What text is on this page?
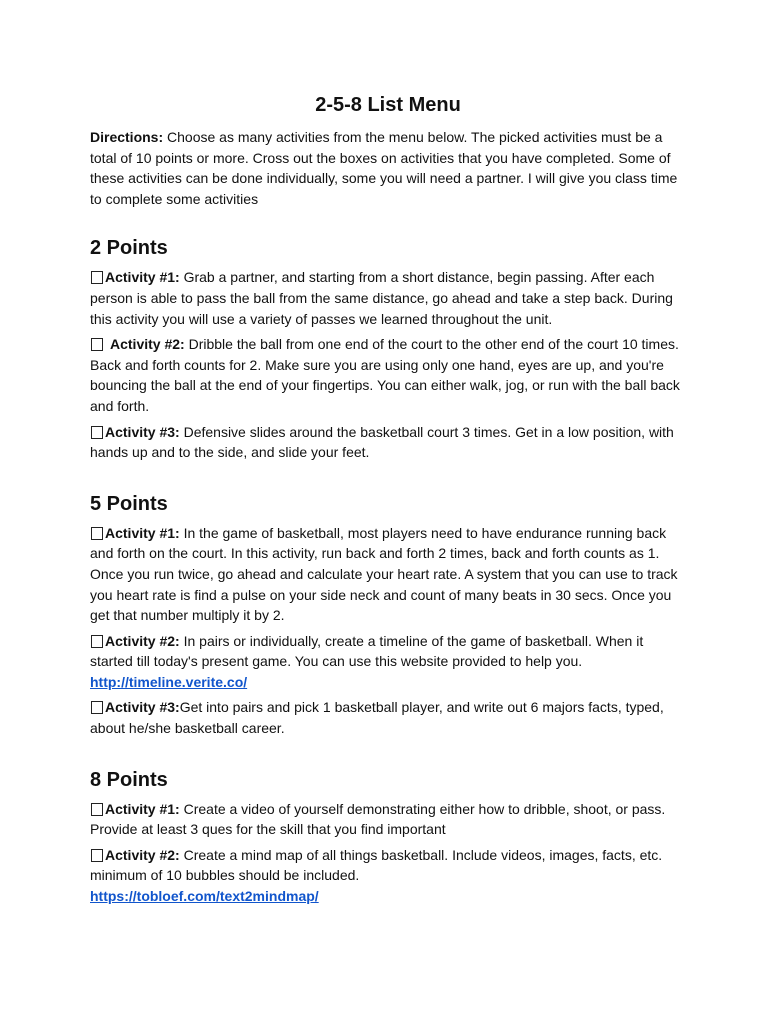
2-5-8 List Menu

Directions: Choose as many activities from the menu below. The picked activities must be a total of 10 points or more. Cross out the boxes on activities that you have completed. Some of these activities can be done individually, some you will need a partner. I will give you class time to complete some activities

2 Points

Activity #1: Grab a partner, and starting from a short distance, begin passing. After each person is able to pass the ball from the same distance, go ahead and take a step back. During this activity you will use a variety of passes we learned throughout the unit.

Activity #2: Dribble the ball from one end of the court to the other end of the court 10 times. Back and forth counts for 2. Make sure you are using only one hand, eyes are up, and you're bouncing the ball at the end of your fingertips. You can either walk, jog, or run with the ball back and forth.

Activity #3: Defensive slides around the basketball court 3 times. Get in a low position, with hands up and to the side, and slide your feet.

5 Points

Activity #1: In the game of basketball, most players need to have endurance running back and forth on the court. In this activity, run back and forth 2 times, back and forth counts as 1. Once you run twice, go ahead and calculate your heart rate. A system that you can use to track you heart rate is find a pulse on your side neck and count of many beats in 30 secs. Once you get that number multiply it by 2.

Activity #2: In pairs or individually, create a timeline of the game of basketball. When it started till today's present game. You can use this website provided to help you.
http://timeline.verite.co/

Activity #3:Get into pairs and pick 1 basketball player, and write out 6 majors facts, typed, about he/she basketball career.

8 Points

Activity #1: Create a video of yourself demonstrating either how to dribble, shoot, or pass. Provide at least 3 ques for the skill that you find important

Activity #2: Create a mind map of all things basketball. Include videos, images, facts, etc. minimum of 10 bubbles should be included.
https://tobloef.com/text2mindmap/
